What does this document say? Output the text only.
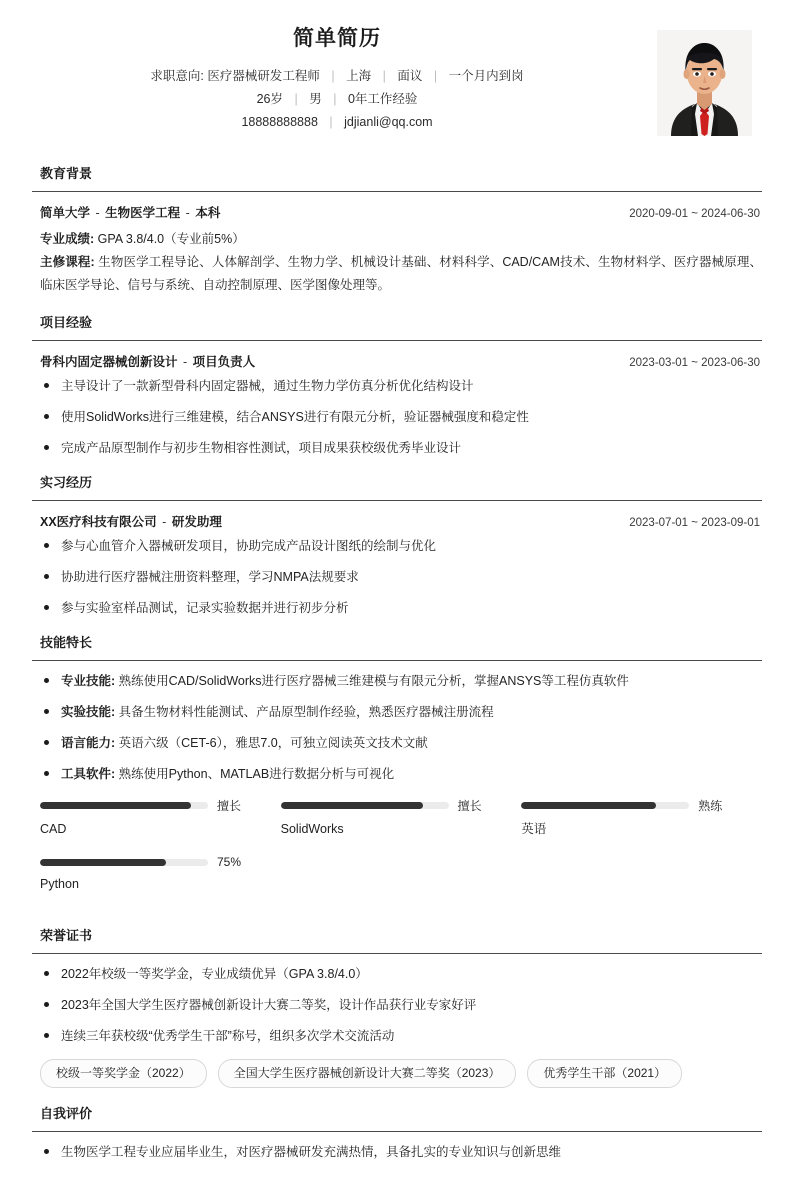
简单简历
求职意向: 医疗器械研发工程师 | 上海 | 面议 | 一个月内到岗
26岁 | 男 | 0年工作经验
18888888888 | jdjianli@qq.com
教育背景
简单大学 - 生物医学工程 - 本科	2020-09-01 ~ 2024-06-30
专业成绩: GPA 3.8/4.0（专业前5%）
主修课程: 生物医学工程导论、人体解剖学、生物力学、机械设计基础、材料科学、CAD/CAM技术、生物材料学、医疗器械原理、临床医学导论、信号与系统、自动控制原理、医学图像处理等。
项目经验
骨科内固定器械创新设计 - 项目负责人	2023-03-01 ~ 2023-06-30
主导设计了一款新型骨科内固定器械，通过生物力学仿真分析优化结构设计
使用SolidWorks进行三维建模，结合ANSYS进行有限元分析，验证器械强度和稳定性
完成产品原型制作与初步生物相容性测试，项目成果获校级优秀毕业设计
实习经历
XX医疗科技有限公司 - 研发助理	2023-07-01 ~ 2023-09-01
参与心血管介入器械研发项目，协助完成产品设计图纸的绘制与优化
协助进行医疗器械注册资料整理，学习NMPA法规要求
参与实验室样品测试，记录实验数据并进行初步分析
技能特长
专业技能: 熟练使用CAD/SolidWorks进行医疗器械三维建模与有限元分析，掌握ANSYS等工程仿真软件
实验技能: 具备生物材料性能测试、产品原型制作经验，熟悉医疗器械注册流程
语言能力: 英语六级（CET-6），雅思7.0，可独立阅读英文技术文献
工具软件: 熟练使用Python、MATLAB进行数据分析与可视化
擅长
CAD
擅长
SolidWorks
熟练
英语
75%
Python
荣誉证书
2022年校级一等奖学金，专业成绩优异（GPA 3.8/4.0）
2023年全国大学生医疗器械创新设计大赛二等奖，设计作品获行业专家好评
连续三年获校级“优秀学生干部”称号，组织多次学术交流活动
校级一等奖学金（2022）	全国大学生医疗器械创新设计大赛二等奖（2023）	优秀学生干部（2021）
自我评价
生物医学工程专业应届毕业生，对医疗器械研发充满热情，具备扎实的专业知识与创新思维
